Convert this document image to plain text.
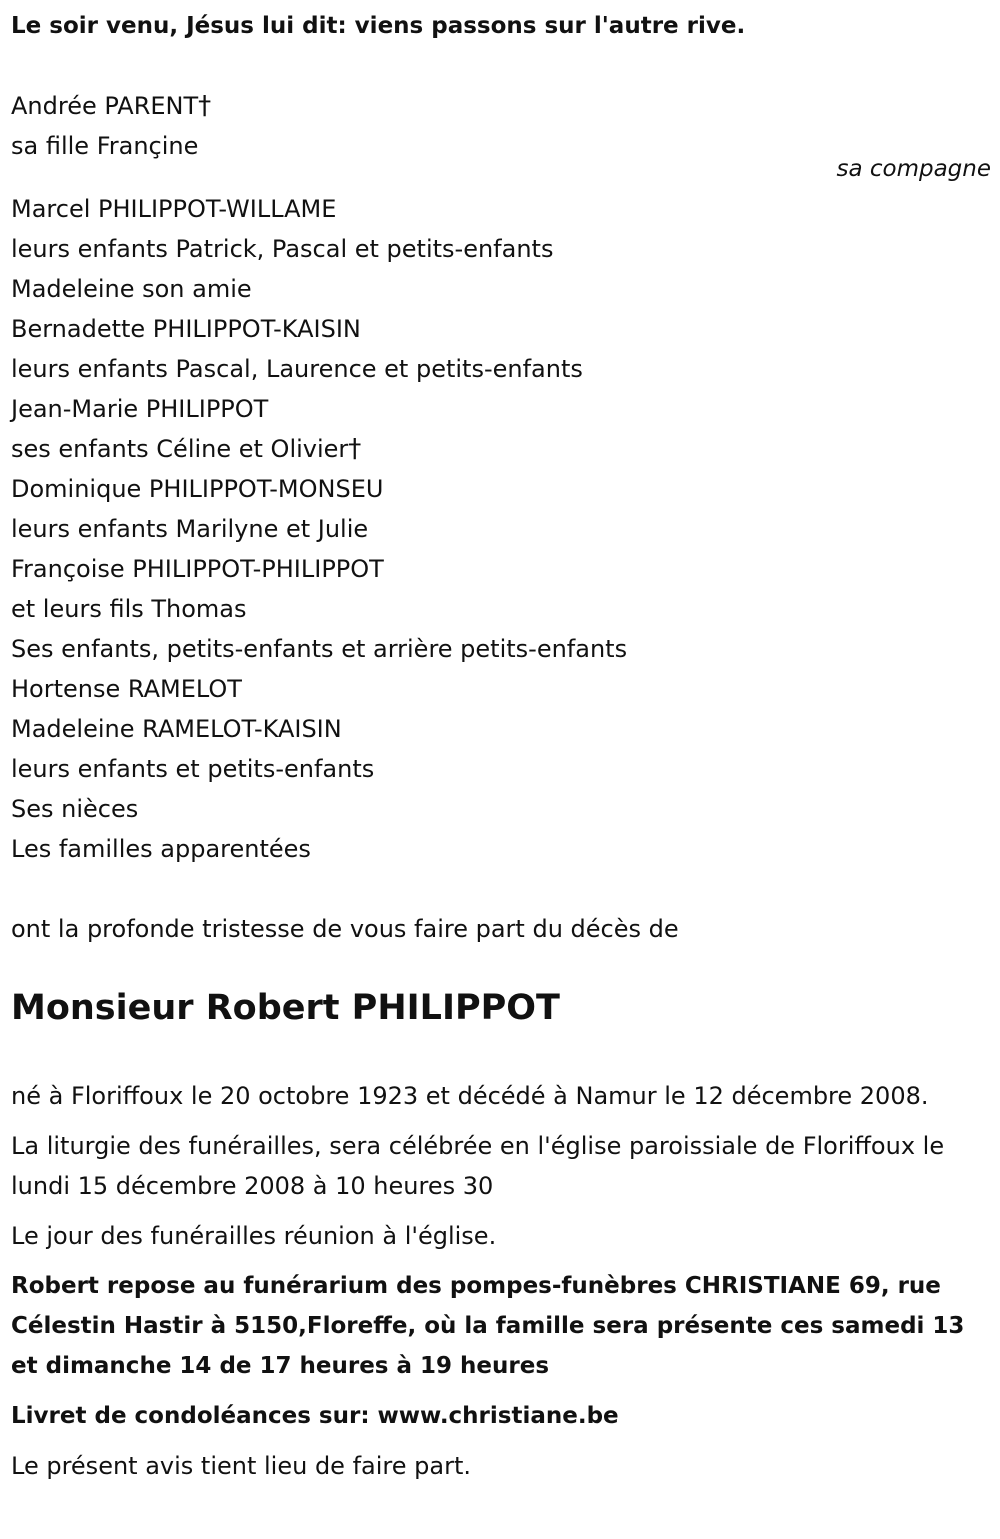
Le soir venu, Jésus lui dit: viens passons sur l'autre rive.
Andrée PARENT†
sa fille Françine
sa compagne
Marcel PHILIPPOT-WILLAME
leurs enfants Patrick, Pascal et petits-enfants
Madeleine son amie
Bernadette PHILIPPOT-KAISIN
leurs enfants Pascal, Laurence et petits-enfants
Jean-Marie PHILIPPOT
ses enfants Céline et Olivier†
Dominique PHILIPPOT-MONSEU
leurs enfants Marilyne et Julie
Françoise PHILIPPOT-PHILIPPOT
et leurs fils Thomas
Ses enfants, petits-enfants et arrière petits-enfants
Hortense RAMELOT
Madeleine RAMELOT-KAISIN
leurs enfants et petits-enfants
Ses nièces
Les familles apparentées
ont la profonde tristesse de vous faire part du décès de
Monsieur Robert PHILIPPOT

né à Floriffoux le 20 octobre 1923 et décédé à Namur le 12 décembre 2008.

La liturgie des funérailles, sera célébrée en l'église paroissiale de Floriffoux le lundi 15 décembre 2008 à 10 heures 30

Le jour des funérailles réunion à l'église.

Robert repose au funérarium des pompes-funèbres CHRISTIANE 69, rue Célestin Hastir à 5150,Floreffe, où la famille sera présente ces samedi 13 et dimanche 14 de 17 heures à 19 heures

Livret de condoléances sur: www.christiane.be

Le présent avis tient lieu de faire part.
